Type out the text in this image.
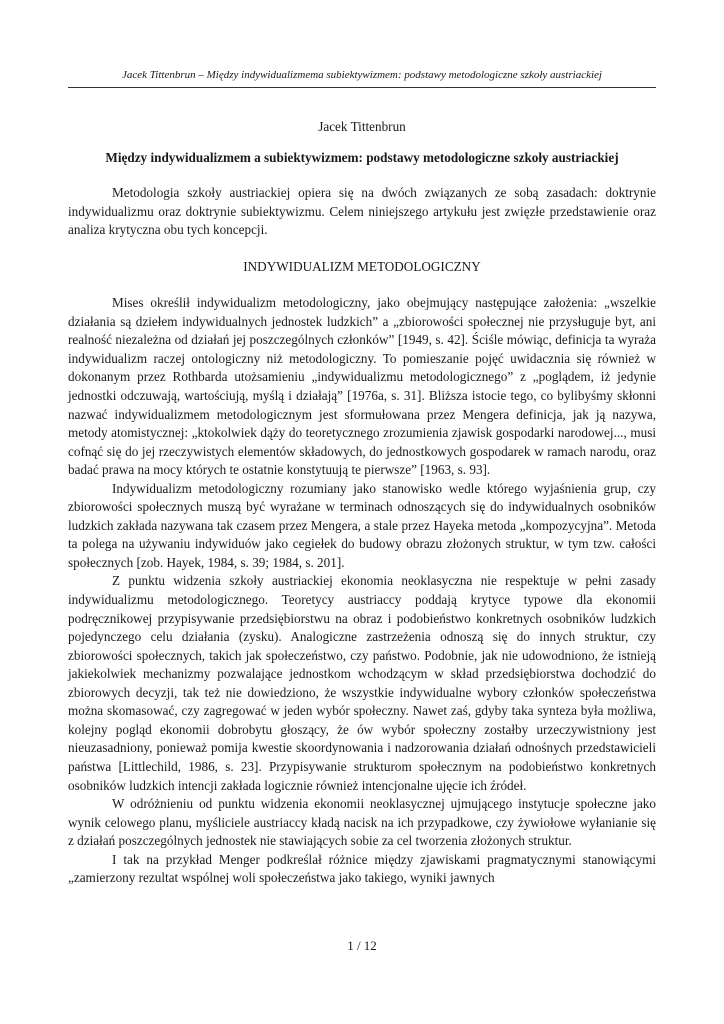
Jacek Tittenbrun – Między indywidualizmema subiektywizmem: podstawy metodologiczne szkoły austriackiej
Jacek Tittenbrun
Między indywidualizmem a subiektywizmem: podstawy metodologiczne szkoły austriackiej

Metodologia szkoły austriackiej opiera się na dwóch związanych ze sobą zasadach: doktrynie indywidualizmu oraz doktrynie subiektywizmu. Celem niniejszego artykułu jest zwięzłe przedstawienie oraz analiza krytyczna obu tych koncepcji.

INDYWIDUALIZM METODOLOGICZNY

Mises określił indywidualizm metodologiczny, jako obejmujący następujące założenia: „wszelkie działania są dziełem indywidualnych jednostek ludzkich” a „zbiorowości społecznej nie przysługuje byt, ani realność niezależna od działań jej poszczególnych członków” [1949, s. 42]. Ściśle mówiąc, definicja ta wyraża indywidualizm raczej ontologiczny niż metodologiczny. To pomieszanie pojęć uwidacznia się również w dokonanym przez Rothbarda utożsamieniu „indywidualizmu metodologicznego” z „poglądem, iż jedynie jednostki odczuwają, wartościują, myślą i działają” [1976a, s. 31]. Bliższa istocie tego, co bylibyśmy skłonni nazwać indywidualizmem metodologicznym jest sformułowana przez Mengera definicja, jak ją nazywa, metody atomistycznej: „ktokolwiek dąży do teoretycznego zrozumienia zjawisk gospodarki narodowej..., musi cofnąć się do jej rzeczywistych elementów składowych, do jednostkowych gospodarek w ramach narodu, oraz badać prawa na mocy których te ostatnie konstytuują te pierwsze” [1963, s. 93].

Indywidualizm metodologiczny rozumiany jako stanowisko wedle którego wyjaśnienia grup, czy zbiorowości społecznych muszą być wyrażane w terminach odnoszących się do indywidualnych osobników ludzkich zakłada nazywana tak czasem przez Mengera, a stale przez Hayeka metoda „kompozycyjna”. Metoda ta polega na używaniu indywiduów jako cegiełek do budowy obrazu złożonych struktur, w tym tzw. całości społecznych [zob. Hayek, 1984, s. 39; 1984, s. 201].

Z punktu widzenia szkoły austriackiej ekonomia neoklasyczna nie respektuje w pełni zasady indywidualizmu metodologicznego. Teoretycy austriaccy poddają krytyce typowe dla ekonomii podręcznikowej przypisywanie przedsiębiorstwu na obraz i podobieństwo konkretnych osobników ludzkich pojedynczego celu działania (zysku). Analogiczne zastrzeżenia odnoszą się do innych struktur, czy zbiorowości społecznych, takich jak społeczeństwo, czy państwo. Podobnie, jak nie udowodniono, że istnieją jakiekolwiek mechanizmy pozwalające jednostkom wchodzącym w skład przedsiębiorstwa dochodzić do zbiorowych decyzji, tak też nie dowiedziono, że wszystkie indywidualne wybory członków społeczeństwa można skomasować, czy zagregować w jeden wybór społeczny. Nawet zaś, gdyby taka synteza była możliwa, kolejny pogląd ekonomii dobrobytu głoszący, że ów wybór społeczny zostałby urzeczywistniony jest nieuzasadniony, ponieważ pomija kwestie skoordynowania i nadzorowania działań odnośnych przedstawicieli państwa [Littlechild, 1986, s. 23]. Przypisywanie strukturom społecznym na podobieństwo konkretnych osobników ludzkich intencji zakłada logicznie również intencjonalne ujęcie ich źródeł.

W odróżnieniu od punktu widzenia ekonomii neoklasycznej ujmującego instytucje społeczne jako wynik celowego planu, myśliciele austriaccy kładą nacisk na ich przypadkowe, czy żywiołowe wyłanianie się z działań poszczególnych jednostek nie stawiających sobie za cel tworzenia złożonych struktur.

I tak na przykład Menger podkreślał różnice między zjawiskami pragmatycznymi stanowiącymi „zamierzony rezultat wspólnej woli społeczeństwa jako takiego, wyniki jawnych

1 / 12
